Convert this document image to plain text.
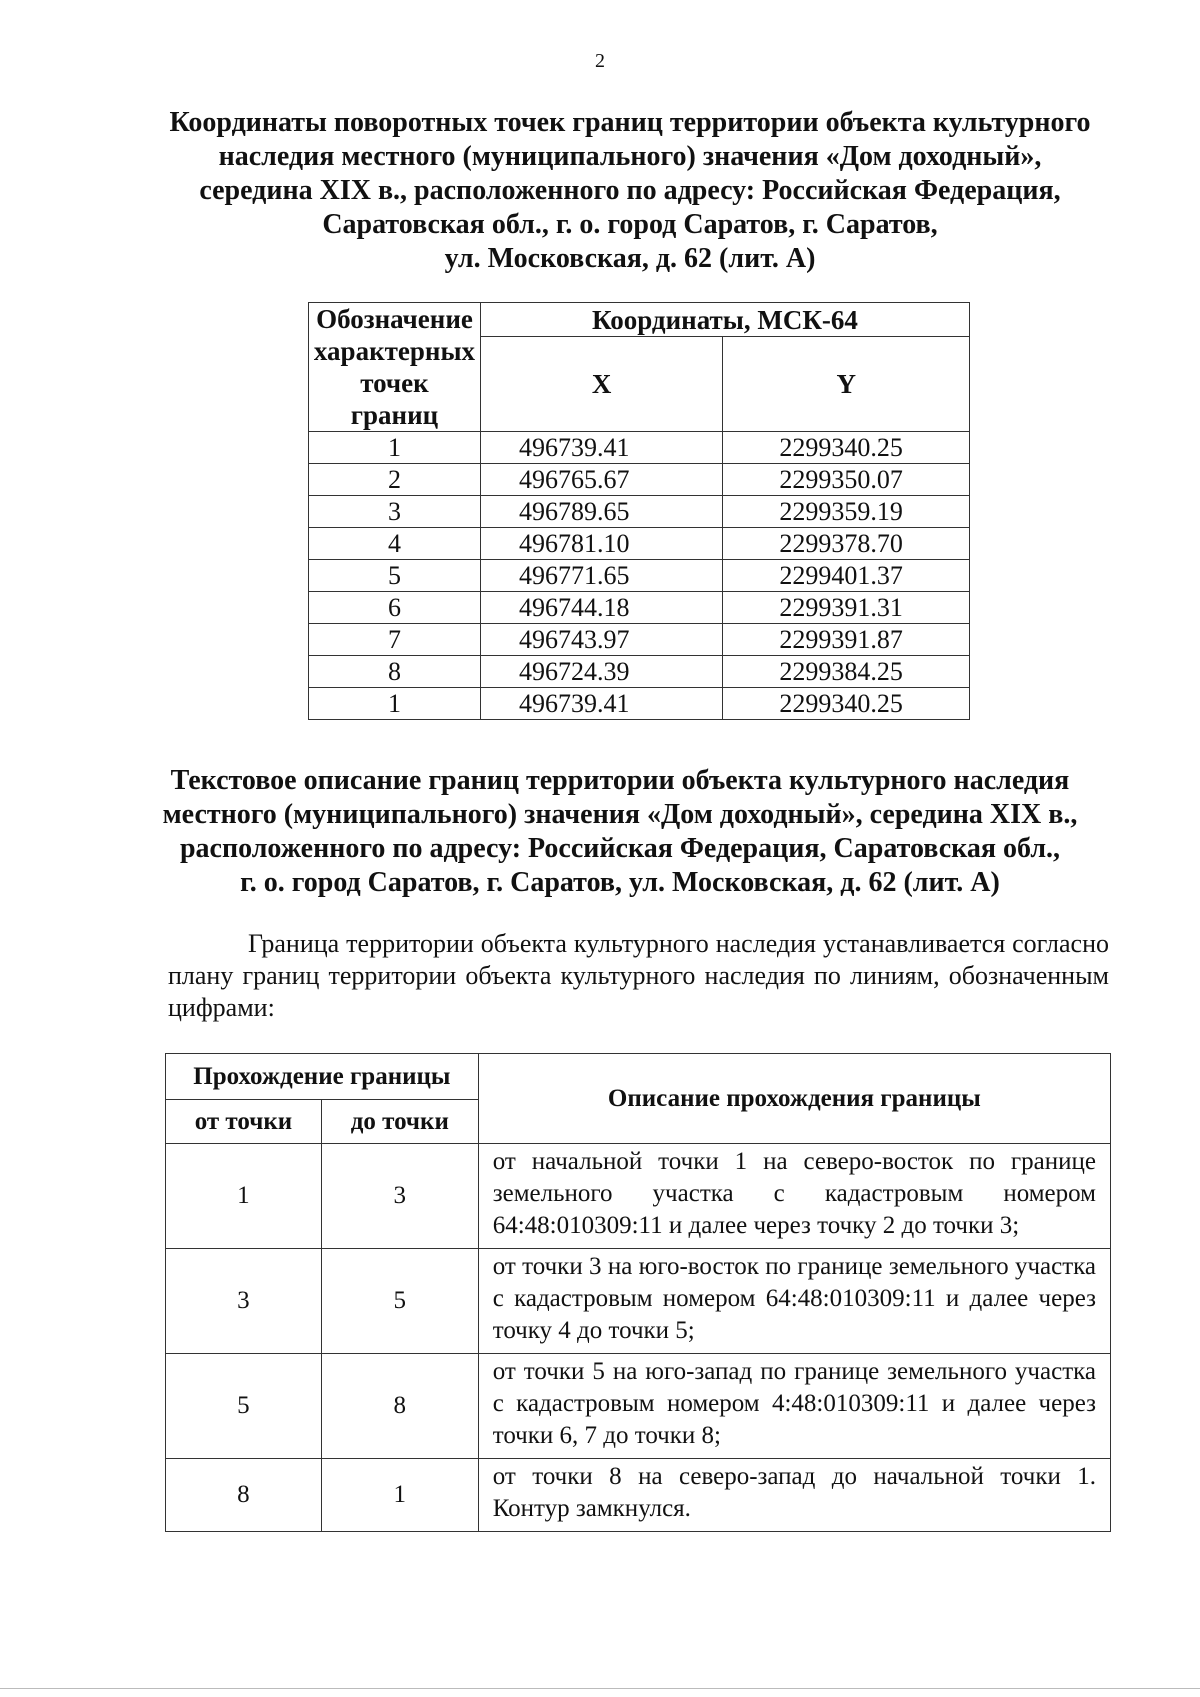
2
Координаты поворотных точек границ территории объекта культурного
наследия местного (муниципального) значения «Дом доходный»,
середина XIX в., расположенного по адресу: Российская Федерация,
Саратовская обл., г. о. город Саратов, г. Саратов,
ул. Московская, д. 62 (лит. А)
Обозначение
характерных
точек
границ	Координаты, МСК-64	
	X	Y
1	496739.41	2299340.25
2	496765.67	2299350.07
3	496789.65	2299359.19
4	496781.10	2299378.70
5	496771.65	2299401.37
6	496744.18	2299391.31
7	496743.97	2299391.87
8	496724.39	2299384.25
1	496739.41	2299340.25
Текстовое описание границ территории объекта культурного наследия
местного (муниципального) значения «Дом доходный», середина XIX в.,
расположенного по адресу: Российская Федерация, Саратовская обл.,
г. о. город Саратов, г. Саратов, ул. Московская, д. 62 (лит. А)
Граница территории объекта культурного наследия устанавливается согласно плану границ территории объекта культурного наследия по линиям, обозначенным цифрами:
Прохождение границы		Описание прохождения границы
от точки	до точки	
1	3	от начальной точки 1 на северо-восток по границе земельного участка с кадастровым номером 64:48:010309:11 и далее через точку 2 до точки 3;
3	5	от точки 3 на юго-восток по границе земельного участка с кадастровым номером 64:48:010309:11 и далее через точку 4 до точки 5;
5	8	от точки 5 на юго-запад по границе земельного участка с кадастровым номером 4:48:010309:11 и далее через точки 6, 7 до точки 8;
8	1	от точки 8 на северо-запад до начальной точки 1. Контур замкнулся.
